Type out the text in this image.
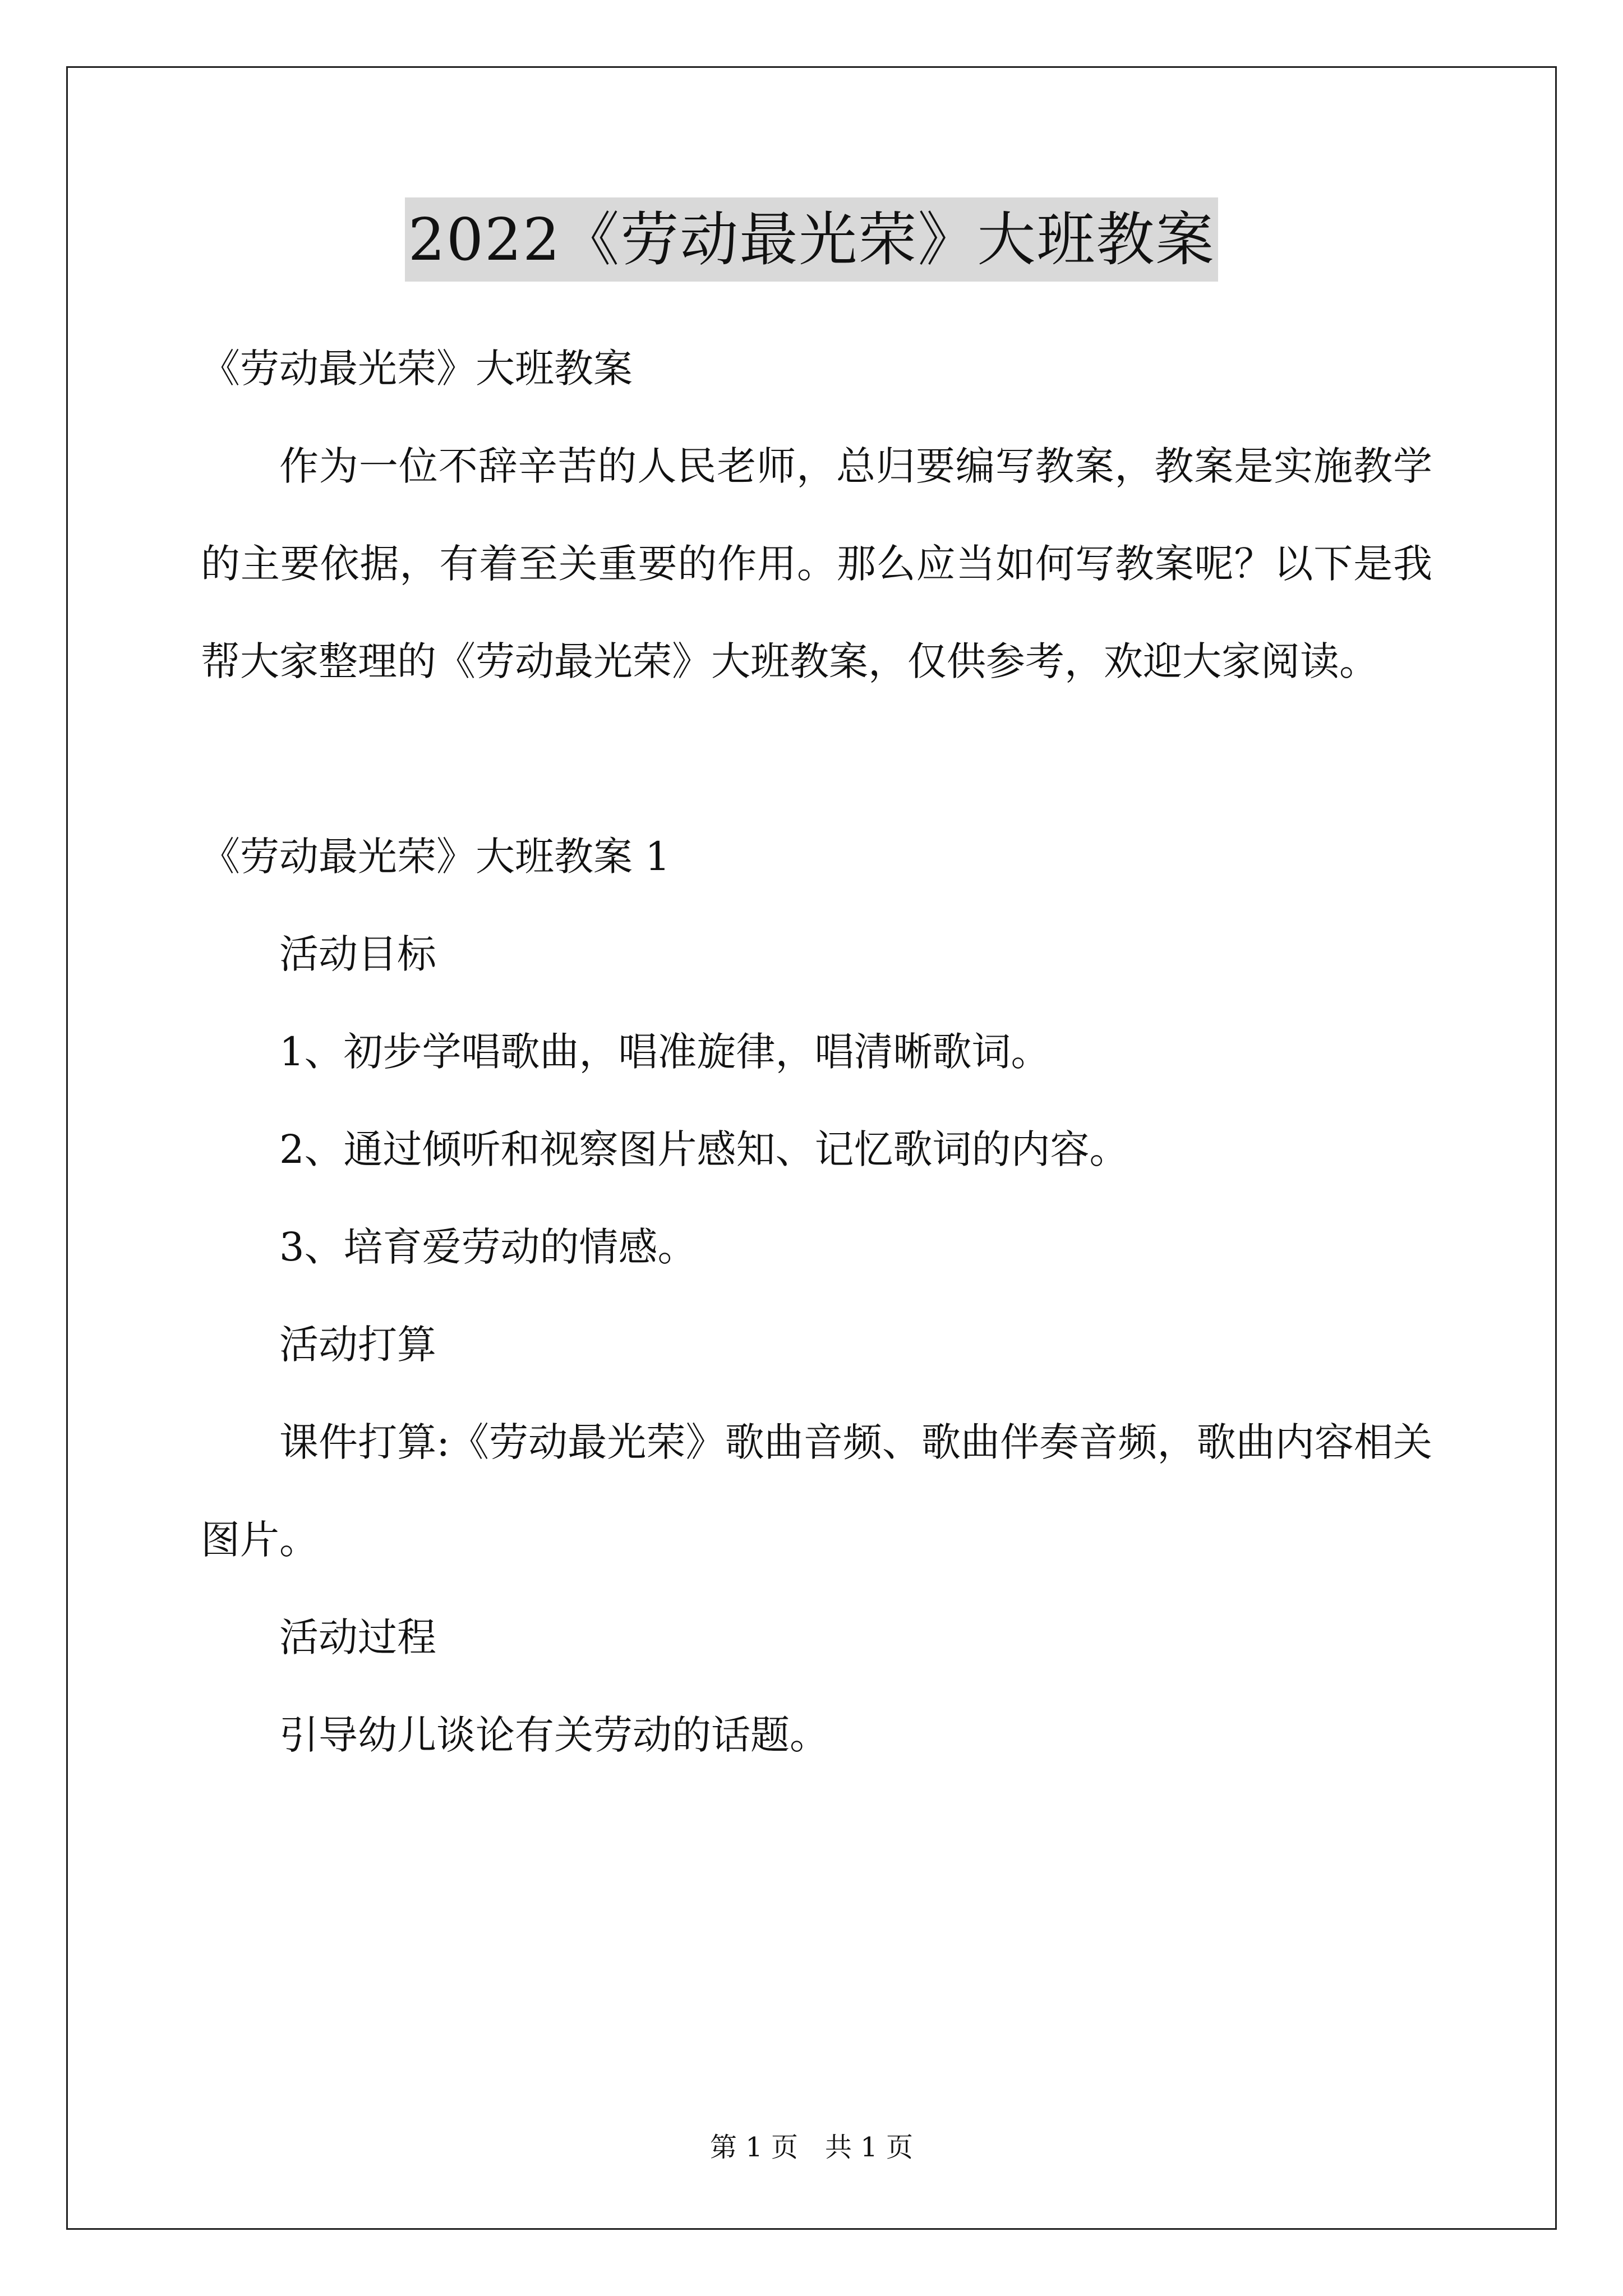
2022《劳动最光荣》大班教案

《劳动最光荣》大班教案

作为一位不辞辛苦的人民老师，总归要编写教案，教案是实施教学的主要依据，有着至关重要的作用。那么应当如何写教案呢？以下是我帮大家整理的《劳动最光荣》大班教案，仅供参考，欢迎大家阅读。

《劳动最光荣》大班教案 1

活动目标

1、初步学唱歌曲，唱准旋律，唱清晰歌词。

2、通过倾听和视察图片感知、记忆歌词的内容。

3、培育爱劳动的情感。

活动打算

课件打算:《劳动最光荣》歌曲音频、歌曲伴奏音频，歌曲内容相关图片。

活动过程

引导幼儿谈论有关劳动的话题。

第 1 页 共 1 页
